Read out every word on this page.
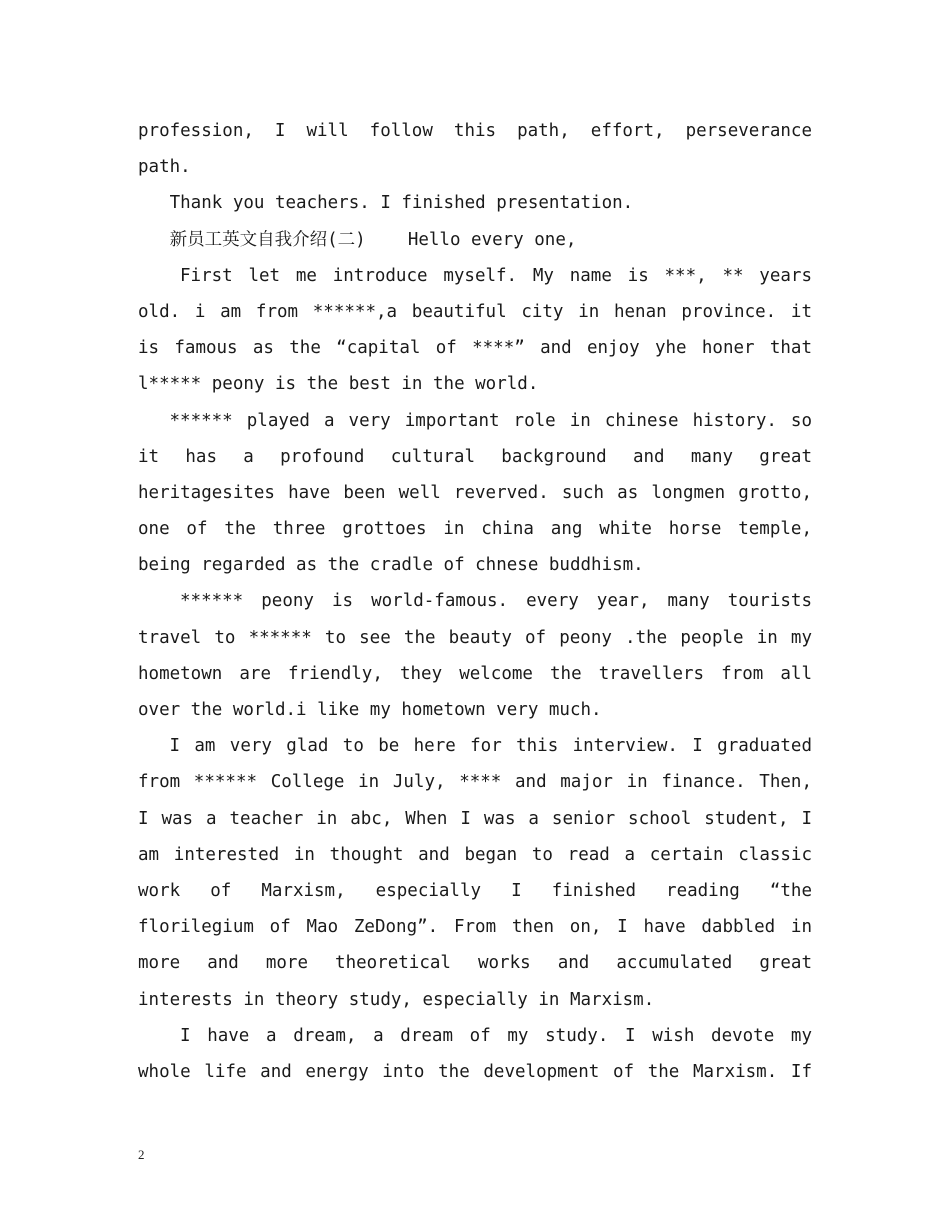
profession, I will follow this path, effort, perseverance
path.
Thank you teachers. I finished presentation.
新员工英文自我介绍(二)    Hello every one,
First let me introduce myself. My name is ***, ** years
old. i am from ******,a beautiful city in henan province. it
is famous as the “capital of ****” and enjoy yhe honer that
l***** peony is the best in the world.
****** played a very important role in chinese history. so
it has a profound cultural background and many great
heritagesites have been well reverved. such as longmen grotto,
one of the three grottoes in china ang white horse temple,
being regarded as the cradle of chnese buddhism.
****** peony is world-famous. every year, many tourists
travel to ****** to see the beauty of peony .the people in my
hometown are friendly, they welcome the travellers from all
over the world.i like my hometown very much.
I am very glad to be here for this interview. I graduated
from ****** College in July, **** and major in finance. Then,
I was a teacher in abc, When I was a senior school student, I
am interested in thought and began to read a certain classic
work of Marxism, especially I finished reading “the
florilegium of Mao ZeDong”. From then on, I have dabbled in
more and more theoretical works and accumulated great
interests in theory study, especially in Marxism.
I have a dream, a dream of my study. I wish devote my
whole life and energy into the development of the Marxism. If
2
